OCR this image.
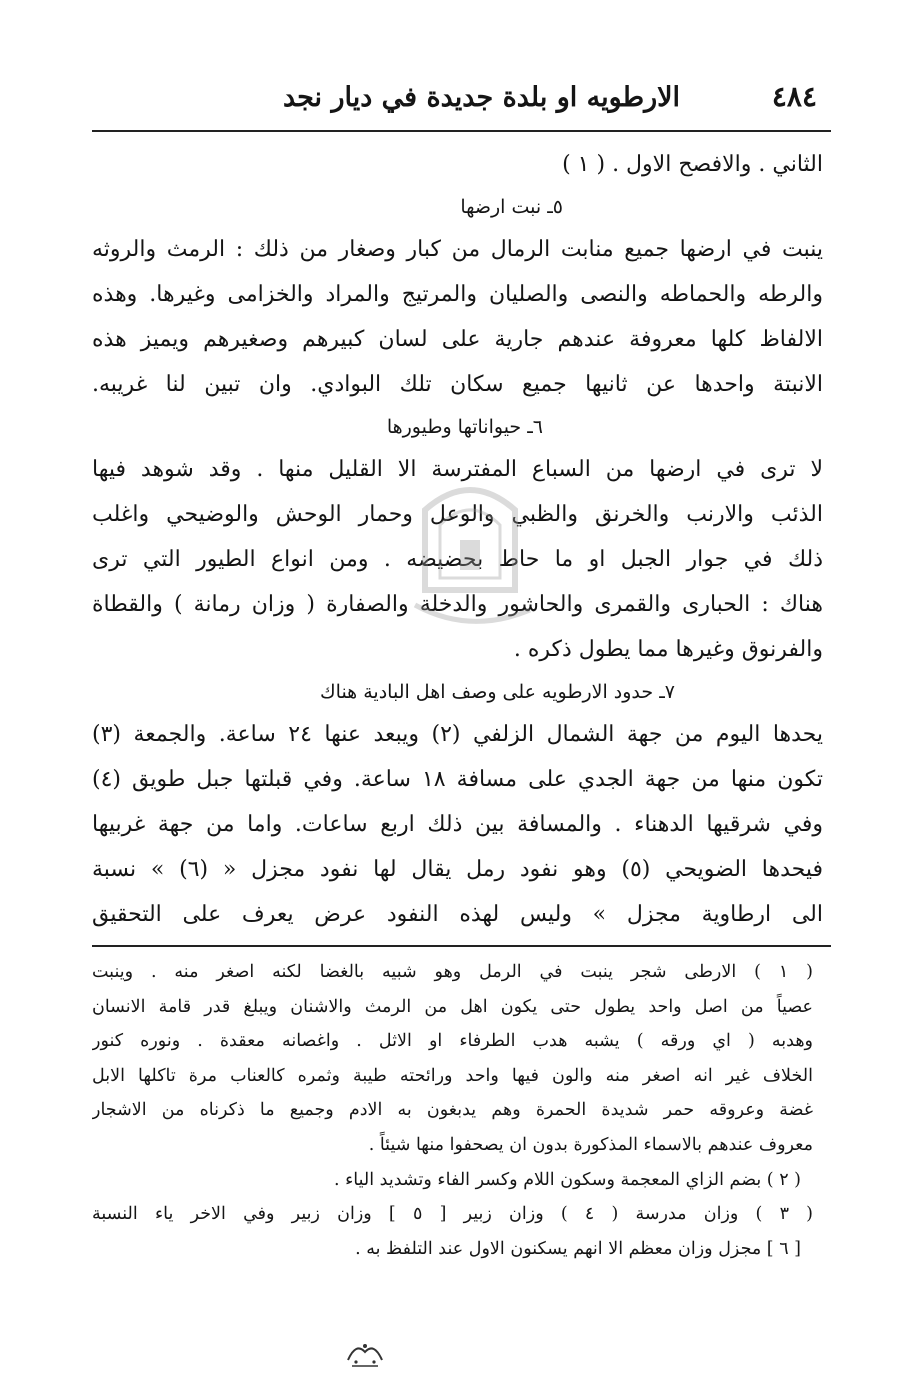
٤٨٤
الارطويه او بلدة جديدة في ديار نجد
الثاني . والافصح الاول . ( ١ )
٥ـ نبت ارضها
ينبت في ارضها جميع منابت الرمال من كبار وصغار من ذلك : الرمث والروثه
والرطه والحماطه والنصى والصليان والمرتيج والمراد والخزامى وغيرها. وهذه
الالفاظ كلها معروفة عندهم جارية على لسان كبيرهم وصغيرهم ويميز هذه
الانبتة واحدها عن ثانيها جميع سكان تلك البوادي. وان تبين لنا غريبه.
٦ـ حيواناتها وطيورها
لا ترى في ارضها من السباع المفترسة الا القليل منها . وقد شوهد فيها
الذئب والارنب والخرنق والظبي والوعل وحمار الوحش والوضيحي واغلب
ذلك في جوار الجبل او ما حاط بحضيضه . ومن انواع الطيور التي ترى
هناك : الحبارى والقمرى والحاشور والدخلة والصفارة ( وزان رمانة ) والقطاة
والفرنوق وغيرها مما يطول ذكره .
٧ـ حدود الارطويه على وصف اهل البادية هناك
يحدها اليوم من جهة الشمال الزلفي (٢) ويبعد عنها ٢٤ ساعة. والجمعة (٣)
تكون منها من جهة الجدي على مسافة ١٨ ساعة. وفي قبلتها جبل طويق (٤)
وفي شرقيها الدهناء . والمسافة بين ذلك اربع ساعات. واما من جهة غربيها
فيحدها الضويحي (٥) وهو نفود رمل يقال لها نفود مجزل « (٦) » نسبة
الى ارطاوية مجزل » وليس لهذه النفود عرض يعرف على التحقيق
( ١ ) الارطى شجر ينبت في الرمل وهو شبيه بالغضا لكنه اصغر منه . وينبت
عصياً من اصل واحد يطول حتى يكون اهل من الرمث والاشنان ويبلغ قدر قامة الانسان
وهدبه ( اي ورقه ) يشبه هدب الطرفاء او الاثل . واغصانه معقدة . ونوره كنور
الخلاف غير انه اصغر منه والون فيها واحد ورائحته طيبة وثمره كالعناب مرة تاكلها الابل
غضة وعروقه حمر شديدة الحمرة وهم يدبغون به الادم وجميع ما ذكرناه من الاشجار
معروف عندهم بالاسماء المذكورة بدون ان يصحفوا منها شيئاً .
( ٢ ) بضم الزاي المعجمة وسكون اللام وكسر الفاء وتشديد الياء .
( ٣ ) وزان مدرسة ( ٤ ) وزان زبير [ ٥ ] وزان زبير وفي الاخر ياء النسبة
[ ٦ ] مجزل وزان معظم الا انهم يسكنون الاول عند التلفظ به .
